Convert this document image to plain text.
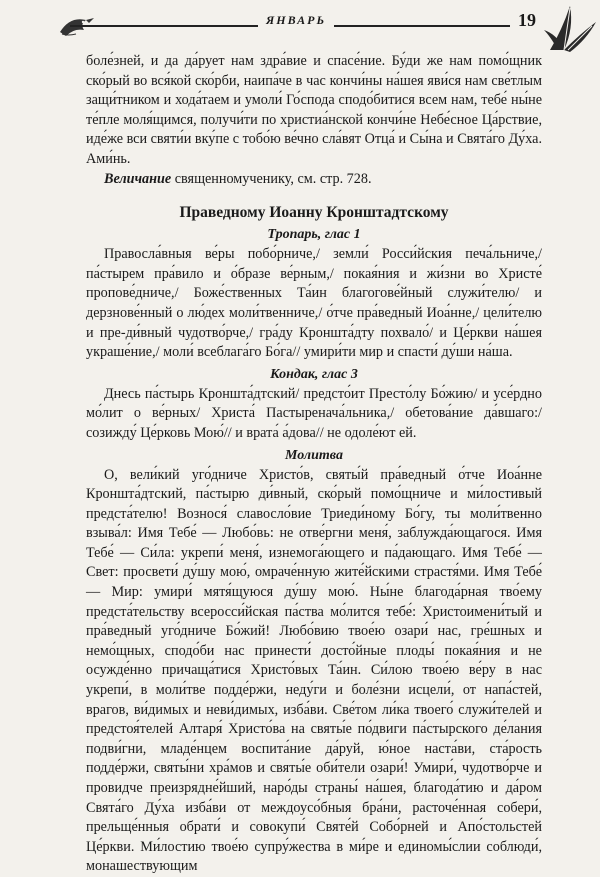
ЯНВАРЬ	19

боле́зней, и да да́рует нам здра́вие и спасе́ние. Бу́ди же нам помо́щник ско́рый во вся́кой ско́рби, наипа́че в час кончи́ны на́шея яви́ся нам све́тлым защи́тником и хода́таем и умоли́ Го́спода сподо́битися всем нам, тебе́ ны́не те́пле моля́щимся, получи́ти по христиа́нской кончи́не Небе́сное Ца́рствие, иде́же вси святи́и вку́пе с тобо́ю ве́чно сла́вят Отца́ и Сы́на и Свята́го Ду́ха. Ами́нь.

Величание священномученику, см. стр. 728.

Праведному Иоанну Кронштадтскому
Тропарь, глас 1

Правосла́вныя ве́ры побо́рниче,/ земли́ Росси́йския печа́льниче,/ па́стырем пра́вило и о́бразе ве́рным,/ покая́ния и жи́зни во Христе́ пропове́дниче,/ Боже́ственных Та́ин благогове́йный служи́телю/ и дерзнове́нный о лю́дех моли́твенниче,/ о́тче пра́ведный Иоа́нне,/ цели́телю и пре-ди́вный чудотво́рче,/ гра́ду Кроншта́дту похвало́/ и Це́ркви на́шея украше́ние,/ моли́ всеблага́го Бо́га// умири́ти мир и спасти́ ду́ши на́ша.

Кондак, глас 3

Днесь па́стырь Кроншта́дтский/ предсто́ит Престо́лу Бо́жию/ и усе́рдно мо́лит о ве́рных/ Христа́ Пастыренача́льника,/ обетова́ние да́вшаго:/ созижду́ Це́рковь Мою́// и врата́ а́дова// не одоле́ют ей.

Молитва

О, вели́кий уго́дниче Христо́в, святы́й пра́ведный о́тче Иоа́нне Кроншта́дтский, па́стырю ди́вный, ско́рый помо́щниче и ми́лостивый предста́телю! Вознося́ славосло́вие Триеди́ному Бо́гу, ты моли́твенно взыва́л: Имя Тебе́ — Любо́вь: не отве́ргни меня́, заблужда́ющагося. Имя Тебе́ — Си́ла: укрепи́ меня́, изнемога́ющего и па́дающаго. Имя Тебе́ — Свет: просвети́ ду́шу мою́, омраче́нную жите́йскими страстя́ми. Имя Тебе́ — Мир: умири́ мятя́щуюся ду́шу мою́. Ны́не благода́рная тво́ему предста́тельству всеросси́йская па́ства мо́лится тебе́: Христоимени́тый и пра́ведный уго́дниче Бо́жий! Любо́вию твое́ю озари́ нас, гре́шных и немо́щных, сподо́би нас принести́ досто́йные плоды́ покая́ния и не осужде́нно причаща́тися Христо́вых Та́ин. Си́лою твое́ю ве́ру в нас укрепи́, в моли́тве подде́ржи, неду́ги и боле́зни исцели́, от напа́стей, врагов, ви́димых и неви́димых, изба́ви. Све́том ли́ка твоего́ служи́телей и предстоя́телей Алтаря́ Христо́ва на святы́е по́двиги па́стырского де́лания подви́гни, младе́нцем воспита́ние да́руй, ю́ное наста́ви, ста́рость подде́ржи, святы́ни хра́мов и святы́е оби́тели озари́! Умири́, чудотво́рче и провидче преизрядне́йший, наро́ды страны́ на́шея, благода́тию и да́ром Свята́го Ду́ха изба́ви от междоусо́бныя бра́ни, расточе́нная собери́, прельще́нныя обрати́ и совокупи́ Святе́й Собо́рней и Апо́стольстей Це́ркви. Ми́лостию твое́ю супру́жества в ми́ре и единомы́слии соблюди́, монашествующим
